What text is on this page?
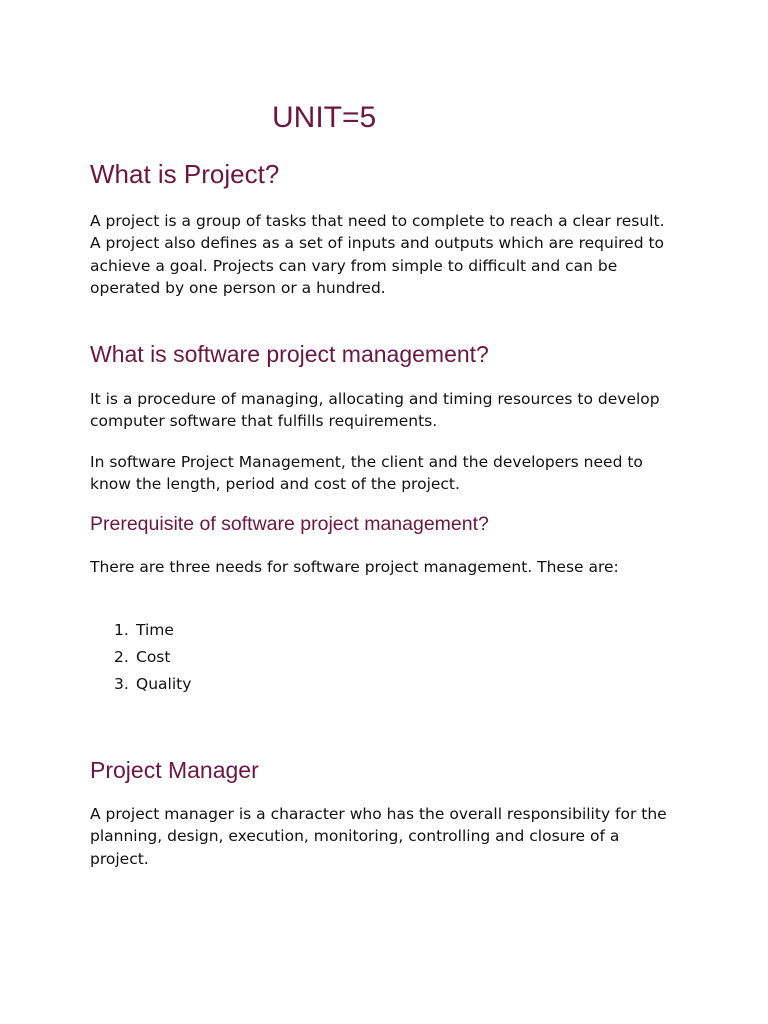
UNIT=5
What is Project?

A project is a group of tasks that need to complete to reach a clear result. A project also defines as a set of inputs and outputs which are required to achieve a goal. Projects can vary from simple to difficult and can be operated by one person or a hundred.

What is software project management?

It is a procedure of managing, allocating and timing resources to develop computer software that fulfills requirements.

In software Project Management, the client and the developers need to know the length, period and cost of the project.

Prerequisite of software project management?

There are three needs for software project management. These are:

1. Time
2. Cost
3. Quality
Project Manager

A project manager is a character who has the overall responsibility for the planning, design, execution, monitoring, controlling and closure of a project.
